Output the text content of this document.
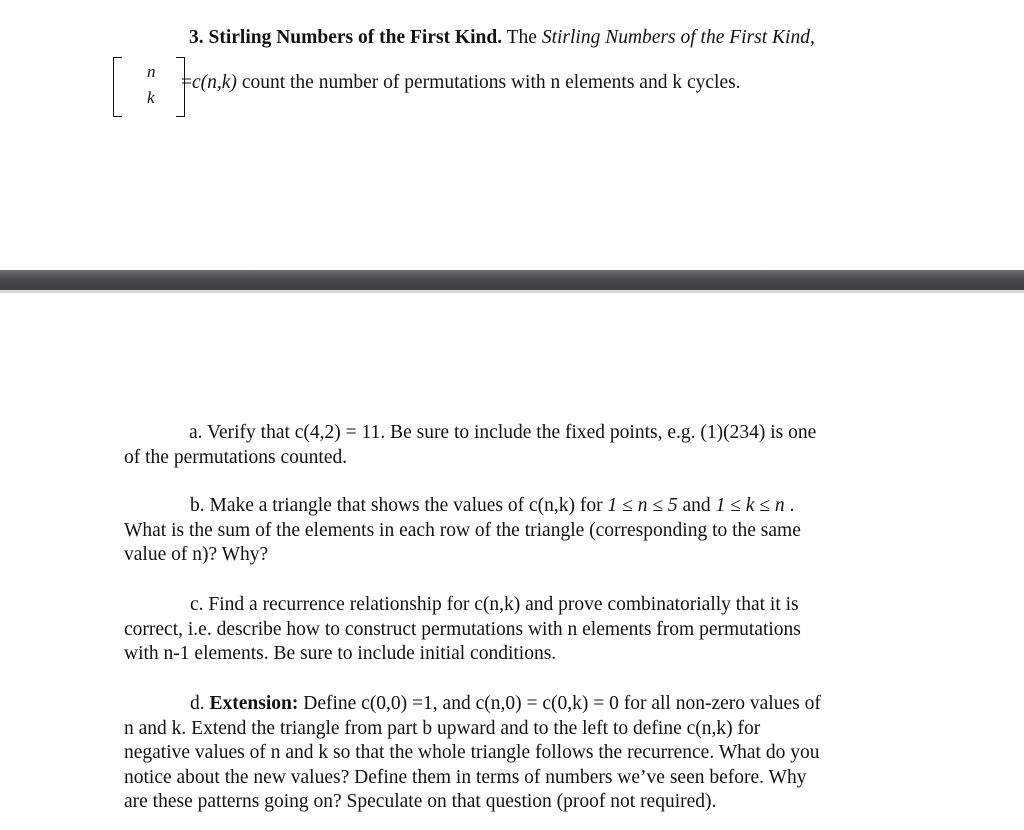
3. Stirling Numbers of the First Kind. The Stirling Numbers of the First Kind,
n
k
=c(n,k) count the number of permutations with n elements and k cycles.
a. Verify that c(4,2) = 11. Be sure to include the fixed points, e.g. (1)(234) is one
of the permutations counted.
b. Make a triangle that shows the values of c(n,k) for 1 ≤ n ≤ 5 and 1 ≤ k ≤ n .
What is the sum of the elements in each row of the triangle (corresponding to the same
value of n)? Why?
c. Find a recurrence relationship for c(n,k) and prove combinatorially that it is
correct, i.e. describe how to construct permutations with n elements from permutations
with n-1 elements. Be sure to include initial conditions.
d. Extension: Define c(0,0) =1, and c(n,0) = c(0,k) = 0 for all non-zero values of
n and k. Extend the triangle from part b upward and to the left to define c(n,k) for
negative values of n and k so that the whole triangle follows the recurrence. What do you
notice about the new values? Define them in terms of numbers we’ve seen before. Why
are these patterns going on? Speculate on that question (proof not required).
